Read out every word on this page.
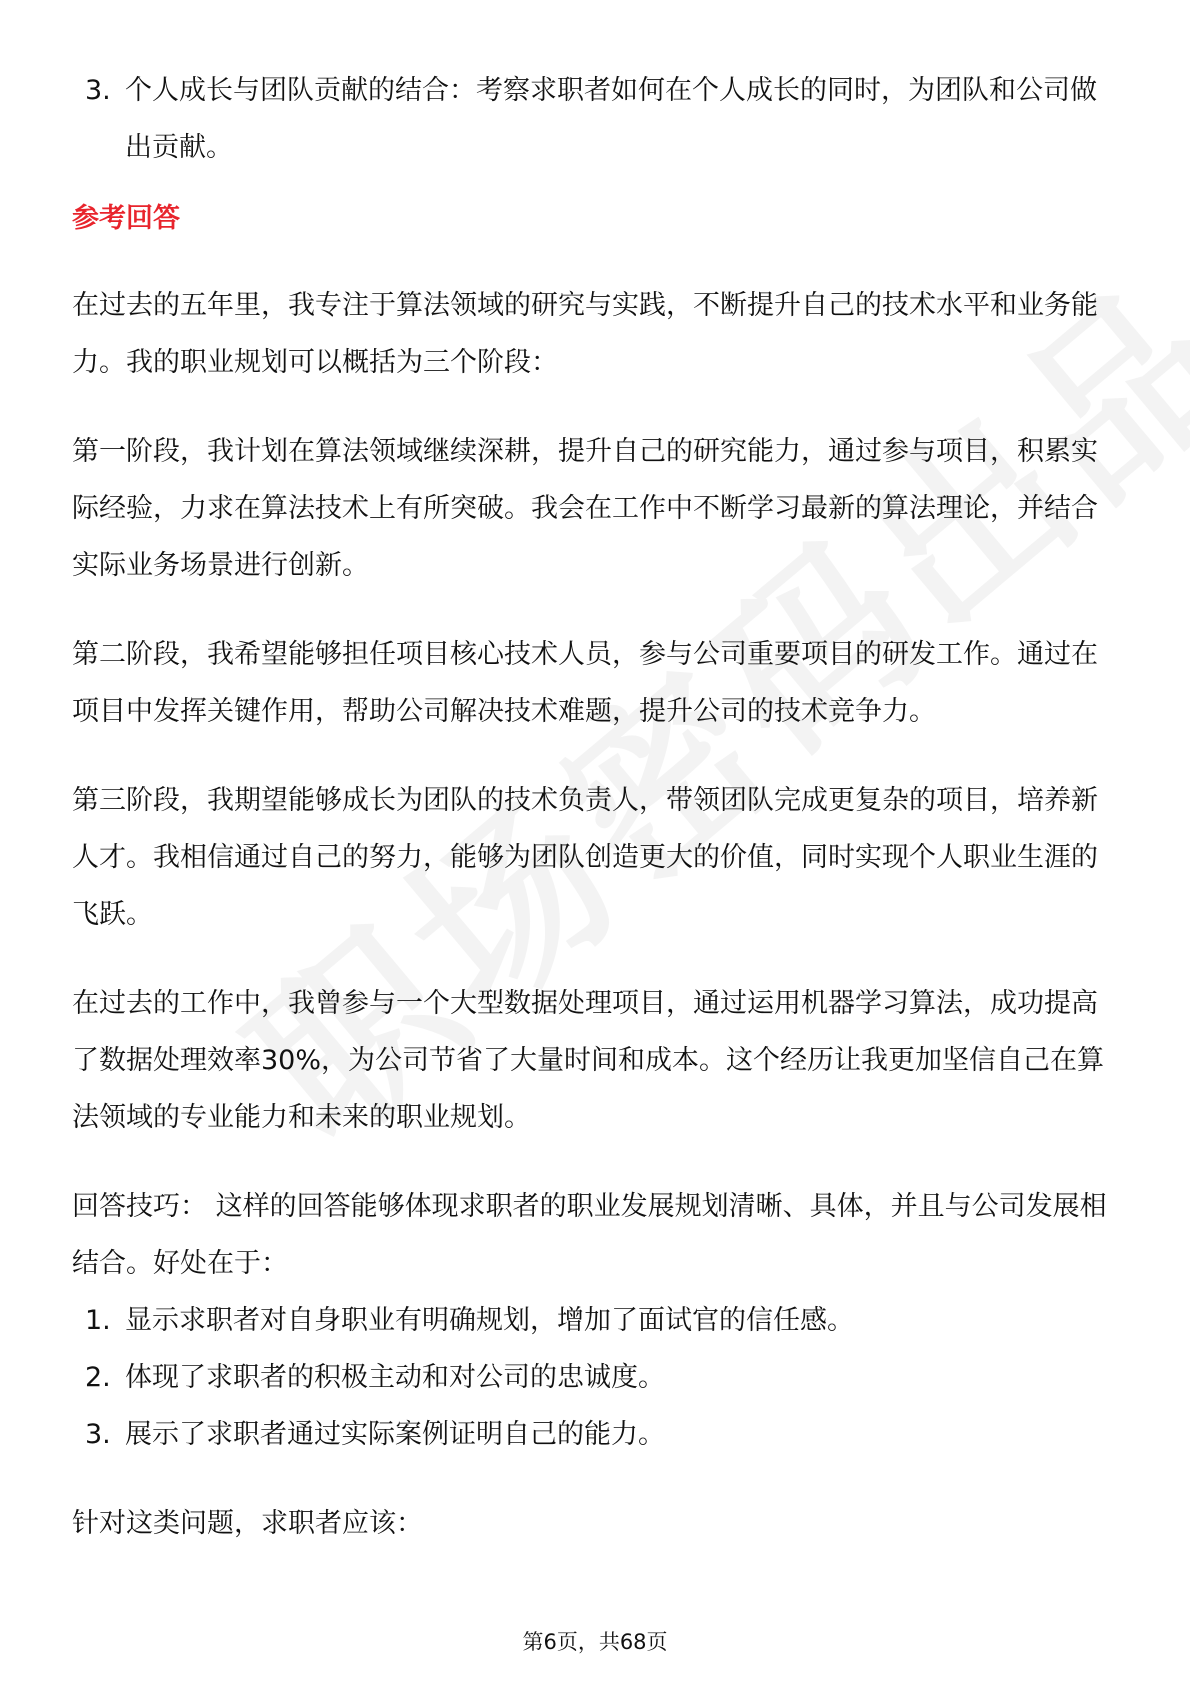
3. 个人成长与团队贡献的结合：考察求职者如何在个人成长的同时，为团队和公司做出贡献。

参考回答

在过去的五年里，我专注于算法领域的研究与实践，不断提升自己的技术水平和业务能力。我的职业规划可以概括为三个阶段：

第一阶段，我计划在算法领域继续深耕，提升自己的研究能力，通过参与项目，积累实际经验，力求在算法技术上有所突破。我会在工作中不断学习最新的算法理论，并结合实际业务场景进行创新。

第二阶段，我希望能够担任项目核心技术人员，参与公司重要项目的研发工作。通过在项目中发挥关键作用，帮助公司解决技术难题，提升公司的技术竞争力。

第三阶段，我期望能够成长为团队的技术负责人，带领团队完成更复杂的项目，培养新人才。我相信通过自己的努力，能够为团队创造更大的价值，同时实现个人职业生涯的飞跃。

在过去的工作中，我曾参与一个大型数据处理项目，通过运用机器学习算法，成功提高了数据处理效率30%，为公司节省了大量时间和成本。这个经历让我更加坚信自己在算法领域的专业能力和未来的职业规划。

回答技巧： 这样的回答能够体现求职者的职业发展规划清晰、具体，并且与公司发展相结合。好处在于：

1. 显示求职者对自身职业有明确规划，增加了面试官的信任感。
2. 体现了求职者的积极主动和对公司的忠诚度。
3. 展示了求职者通过实际案例证明自己的能力。

针对这类问题，求职者应该：

第6页，共68页
